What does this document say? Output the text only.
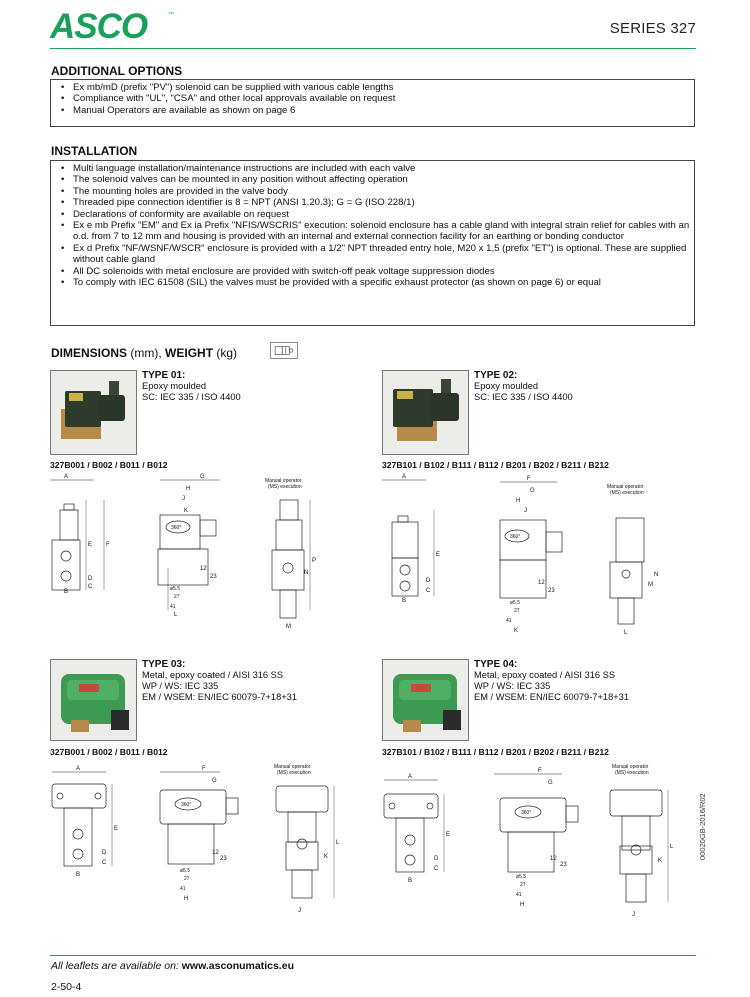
ASCO	™
SERIES 327
ADDITIONAL OPTIONS
• Ex mb/mD (prefix "PV") solenoid can be supplied with various cable lengths
• Compliance with "UL", "CSA" and other local approvals available on request
• Manual Operators are available as shown on page 6
INSTALLATION
• Multi language installation/maintenance instructions are included with each valve
• The solenoid valves can be mounted in any position without affecting operation
• The mounting holes are provided in the valve body
• Threaded pipe connection identifier is 8 = NPT (ANSI 1.20.3); G = G (ISO 228/1)
• Declarations of conformity are available on request
• Ex e mb Prefix "EM" and Ex ia Prefix "NFIS/WSCRIS" execution: solenoid enclosure has a cable gland with integral strain relief for cables with an o.d. from 7 to 12 mm and housing is provided with an internal and external connection facility for an earthing or bonding conductor
• Ex d Prefix "NF/WSNF/WSCR" enclosure is provided with a 1/2" NPT threaded entry hole, M20 x 1,5 (prefix "ET") is optional. These are supplied without cable gland
• All DC solenoids with metal enclosure are provided with switch-off peak voltage suppression diodes
• To comply with IEC 61508 (SIL) the valves must be provided with a specific exhaust protector (as shown on page 6) or equal
DIMENSIONS (mm), WEIGHT (kg)
TYPE 01:
Epoxy moulded
SC: IEC 335 / ISO 4400
327B001 / B002 / B011 / B012
TYPE 02:
Epoxy moulded
SC: IEC 335 / ISO 4400
327B101 / B102 / B111 / B112 / B201 / B202 / B211 / B212
TYPE 03:
Metal, epoxy coated / AISI 316 SS
WP / WS: IEC 335
EM / WSEM: EN/IEC 60079-7+18+31
327B001 / B002 / B011 / B012
TYPE 04:
Metal, epoxy coated / AISI 316 SS
WP / WS: IEC 335
EM / WSEM: EN/IEC 60079-7+18+31
327B101 / B102 / B111 / B112 / B201 / B202 / B211 / B212
A
E
D
C
B
F
G
H
J
K
360°
12
23
ø5.5
27
41
L
Manual operator
(MS) execution
P
N
M
A
E
D
C
B
F
G
H
J
360°
12
23
ø5.5
27
41
K
Manual operator
(MS) execution
N
M
L
A
E
D
C
B
F
G
360°
12
23
ø5.5
27
41
H
Manual operator
(MS) execution
L
K
J
A
E
D
C
B
F
G
360°
12
23
ø5.5
27
41
H
Manual operator
(MS) execution
L
K
J
00020GB-2016/R02
All leaflets are available on: www.asconumatics.eu
2-50-4
